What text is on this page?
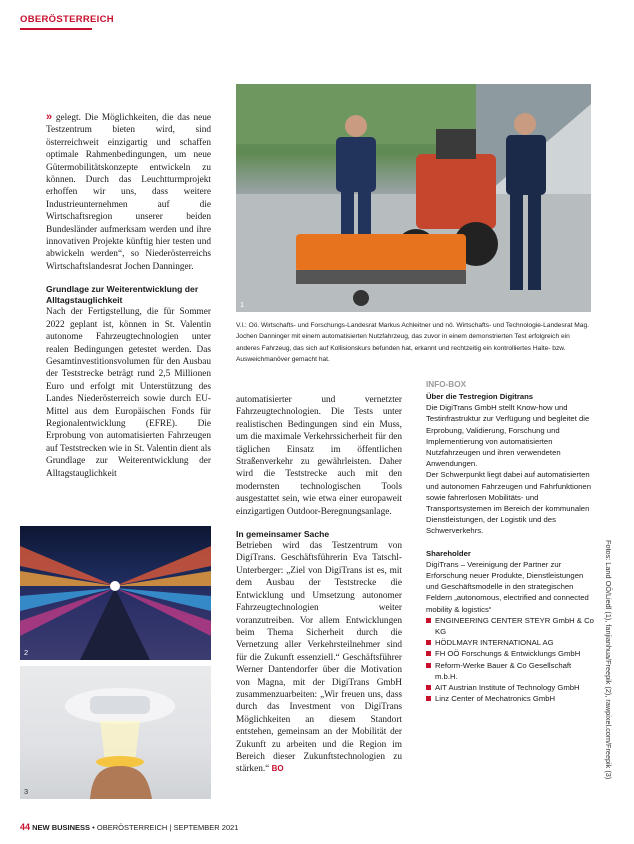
OBERÖSTERREICH

» gelegt. Die Möglichkeiten, die das neue Testzentrum bieten wird, sind österreichweit einzigartig und schaffen optimale Rahmenbedingungen, um neue Gütermobilitätskonzepte entwickeln zu können. Durch das Leuchtturmprojekt erhoffen wir uns, dass weitere Industrieunternehmen auf die Wirtschaftsregion unserer beiden Bundesländer aufmerksam werden und ihre innovativen Projekte künftig hier testen und abwickeln werden“, so Niederösterreichs Wirtschaftslandesrat Jochen Danninger.

Grundlage zur Weiterentwicklung der Alltagstauglichkeit

Nach der Fertigstellung, die für Sommer 2022 geplant ist, können in St. Valentin autonome Fahrzeugtechnologien unter realen Bedingungen getestet werden. Das Gesamtinvestitionsvolumen für den Ausbau der Teststrecke beträgt rund 2,5 Millionen Euro und erfolgt mit Unterstützung des Landes Niederösterreich sowie durch EU-Mittel aus dem Europäischen Fonds für Regionalentwicklung (EFRE). Die Erprobung von automatisierten Fahrzeugen auf Teststrecken wie in St. Valentin dient als Grundlage zur Weiterentwicklung der Alltagstauglichkeit

1
V.l.: Oö. Wirtschafts- und Forschungs-Landesrat Markus Achleitner und nö. Wirtschafts- und Technologie-Landesrat Mag. Jochen Danninger mit einem automatisierten Nutzfahrzeug, das zuvor in einem demonstrierten Test erfolgreich ein anderes Fahrzeug, das sich auf Kollisionskurs befunden hat, erkannt und rechtzeitig ein kontrolliertes Halte- bzw. Ausweichmanöver gemacht hat.

automatisierter und vernetzter Fahrzeugtechnologien. Die Tests unter realistischen Bedingungen sind ein Muss, um die maximale Verkehrssicherheit für den täglichen Einsatz im öffentlichen Straßenverkehr zu gewährleisten. Daher wird die Teststrecke auch mit den modernsten technologischen Tools ausgestattet sein, wie etwa einer europaweit einzigartigen Outdoor-Beregnungsanlage.

In gemeinsamer Sache

Betrieben wird das Testzentrum von DigiTrans. Geschäftsführerin Eva Tatschl-Unterberger: „Ziel von DigiTrans ist es, mit dem Ausbau der Teststrecke die Entwicklung und Umsetzung autonomer Fahrzeugtechnologien weiter voranzutreiben. Vor allem Entwicklungen beim Thema Sicherheit durch die Vernetzung aller Verkehrsteilnehmer sind für die Zukunft essenziell.“ Geschäftsführer Werner Dantendorfer über die Motivation von Magna, mit der DigiTrans GmbH zusammenzuarbeiten: „Wir freuen uns, dass durch das Investment von DigiTrans Möglichkeiten an diesem Standort entstehen, gemeinsam an der Mobilität der Zukunft zu arbeiten und die Region im Bereich dieser Zukunftstechnologien zu stärken.“ BO

2
3
INFO-BOX
Über die Testregion Digitrans
Die DigiTrans GmbH stellt Know-how und Testinfrastruktur zur Verfügung und begleitet die Erprobung, Validierung, Forschung und Implementierung von automatisierten Nutzfahrzeugen und ihren verwendeten Anwendungen.
Der Schwerpunkt liegt dabei auf automatisierten und autonomen Fahrzeugen und Fahrfunktionen sowie fahrerlosen Mobilitäts- und Transportsystemen im Bereich der kommunalen Dienstleistungen, der Logistik und des Schwerverkehrs.
Shareholder
DigiTrans – Vereinigung der Partner zur Erforschung neuer Produkte, Dienstleistungen und Geschäftsmodelle in den strategischen Feldern „autonomous, electrified and connected mobility & logistics“
ENGINEERING CENTER STEYR GmbH & Co KG
HÖDLMAYR INTERNATIONAL AG
FH OÖ Forschungs & Entwicklungs GmbH
Reform-Werke Bauer & Co Gesellschaft m.b.H.
AIT Austrian Institute of Technology GmbH
Linz Center of Mechatronics GmbH	Fotos: Land OÖ/Liedl (1), fanjianhua/Freepik (2), rawpixel.com/Freepik (3)
44 NEW BUSINESS • OBERÖSTERREICH | SEPTEMBER 2021
